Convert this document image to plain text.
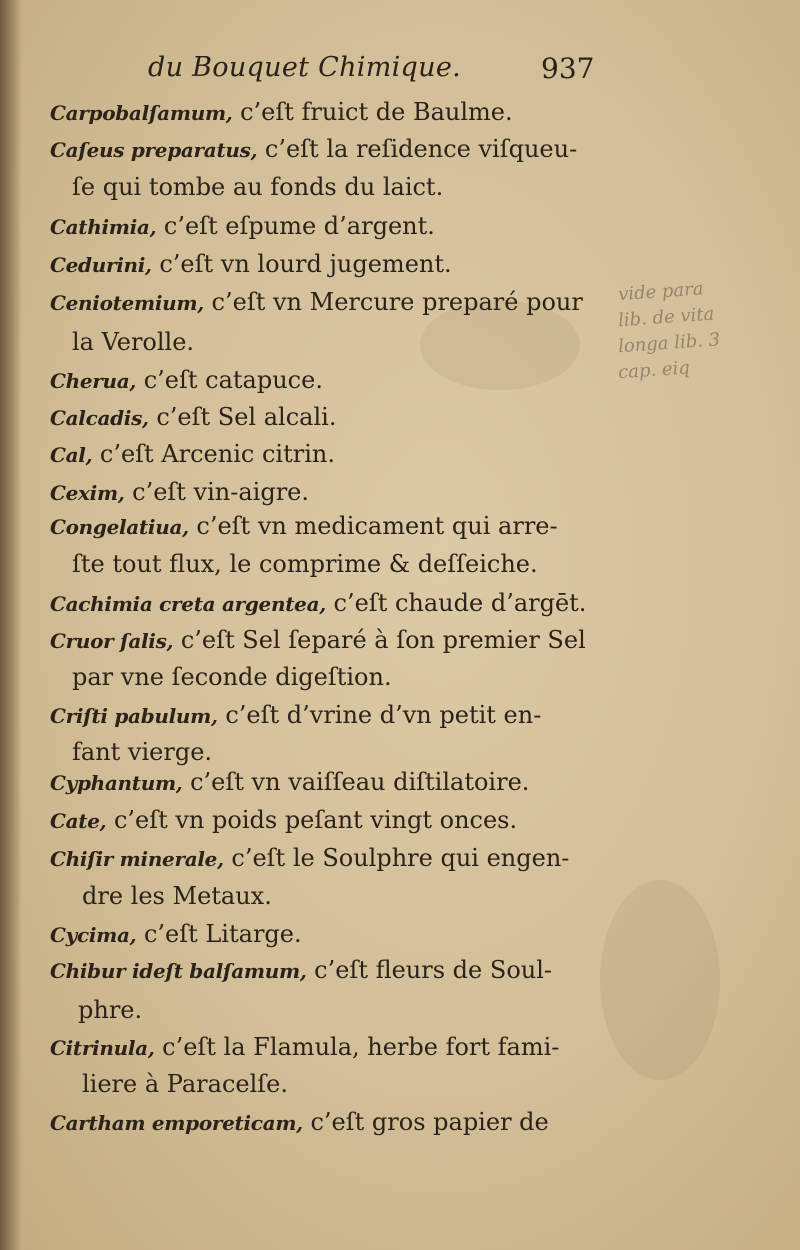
du Bouquet Chimique.	937
Carpobalſamum, c’eſt fruict de Baulme.
Caſeus preparatus, c’eſt la reſidence viſqueu-
ſe qui tombe au fonds du laict.
Cathimia, c’eſt eſpume d’argent.
Cedurini, c’eſt vn lourd jugement.
Ceniotemium, c’eſt vn Mercure preparé pour
la Verolle.
Cherua, c’eſt catapuce.
Calcadis, c’eſt Sel alcali.
Cal, c’eſt Arcenic citrin.
Cexim, c’eſt vin-aigre.
Congelatiua, c’eſt vn medicament qui arre-
ſte tout flux, le comprime & deſſeiche.
Cachimia creta argentea, c’eſt chaude d’argēt.
Cruor ſalis, c’eſt Sel ſeparé à ſon premier Sel
par vne ſeconde digeſtion.
Criſti pabulum, c’eſt d’vrine d’vn petit en-
fant vierge.
Cyphantum, c’eſt vn vaiſſeau diſtilatoire.
Cate, c’eſt vn poids peſant vingt onces.
Chiſir minerale, c’eſt le Soulphre qui engen-
dre les Metaux.
Cycima, c’eſt Litarge.
Chibur ideſt balſamum, c’eſt fleurs de Soul-
phre.
Citrinula, c’eſt la Flamula, herbe fort fami-
liere à Paracelſe.
Cartham emporeticam, c’eſt gros papier de
vide para
lib. de vita
longa lib. 3
cap. eiq
